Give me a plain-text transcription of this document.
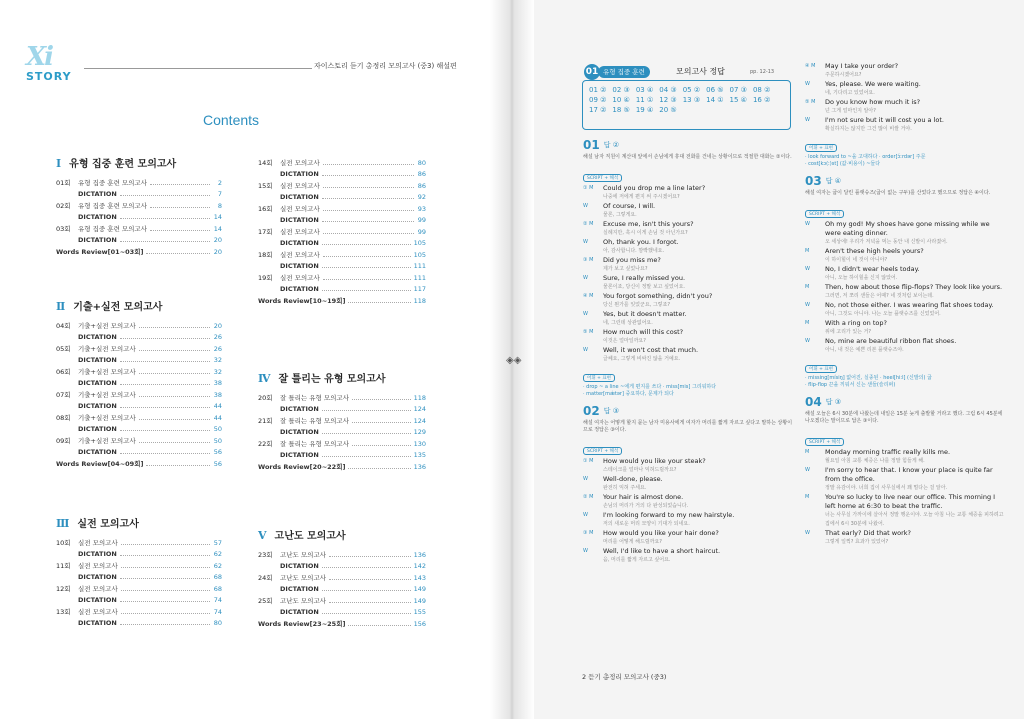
Xi
STORY
자이스토리 듣기 총정리 모의고사 (중3) 해설편
Contents
Ⅰ 유형 집중 훈련 모의고사
01회	유형 집중 훈련 모의고사	2
DICTATION	7
02회	유형 집중 훈련 모의고사	8
DICTATION	14
03회	유형 집중 훈련 모의고사	14
DICTATION	20
Words Review[01~03회]	20
Ⅱ 기출+실전 모의고사
04회	기출+실전 모의고사	20
DICTATION	26
05회	기출+실전 모의고사	26
DICTATION	32
06회	기출+실전 모의고사	32
DICTATION	38
07회	기출+실전 모의고사	38
DICTATION	44
08회	기출+실전 모의고사	44
DICTATION	50
09회	기출+실전 모의고사	50
DICTATION	56
Words Review[04~09회]	56
Ⅲ 실전 모의고사
10회	실전 모의고사	57
DICTATION	62
11회	실전 모의고사	62
DICTATION	68
12회	실전 모의고사	68
DICTATION	74
13회	실전 모의고사	74
DICTATION	80
14회	실전 모의고사	80
DICTATION	86
15회	실전 모의고사	86
DICTATION	92
16회	실전 모의고사	93
DICTATION	99
17회	실전 모의고사	99
DICTATION	105
18회	실전 모의고사	105
DICTATION	111
19회	실전 모의고사	111
DICTATION	117
Words Review[10~19회]	118
Ⅳ 잘 틀리는 유형 모의고사
20회	잘 틀리는 유형 모의고사	118
DICTATION	124
21회	잘 틀리는 유형 모의고사	124
DICTATION	129
22회	잘 틀리는 유형 모의고사	130
DICTATION	135
Words Review[20~22회]	136
Ⅴ 고난도 모의고사
23회	고난도 모의고사	136
DICTATION	142
24회	고난도 모의고사	143
DICTATION	149
25회	고난도 모의고사	149
DICTATION	155
Words Review[23~25회]	156
◈◈
01 유형 집중 훈련	모의고사 정답	pp. 12-13
01 ② 02 ③ 03 ④ 04 ③ 05 ② 06 ⑤ 07 ③ 08 ②
09 ② 10 ④ 11 ① 12 ③ 13 ③ 14 ① 15 ④ 16 ②
17 ② 18 ⑤ 19 ④ 20 ⑤
01 답 ②
해설 남자 직원이 계산대 앞에서 손님에게 휴대 전화를 건네는 상황이므로 적절한 대화는 ②이다.
SCRIPT + 해석
① M	Could you drop me a line later?
나중에 저에게 편지 써 주시겠어요?
W	Of course, I will.
물론, 그렇게요.
② M	Excuse me, isn't this yours?
실례지만, 혹시 이게 손님 것 아닌가요?
W	Oh, thank you. I forgot.
아, 감사합니다. 깜빡했네요.
③ M	Did you miss me?
제가 보고 싶었나요?
W	Sure, I really missed you.
물론이죠, 당신이 정말 보고 싶었어요.
④ M	You forgot something, didn't you?
당신 뭔가를 잊었군요, 그렇죠?
W	Yes, but it doesn't matter.
네, 그런데 상관없어요.
⑤ M	How much will this cost?
이것은 얼마일까요?
W	Well, it won't cost that much.
글쎄요, 그렇게 비싸진 않을 거예요.
어휘 + 표현
· drop ~ a line ~에게 편지를 쓰다 · miss[mis] 그리워하다
· matter[mǽtər] 중요하다, 문제가 되다
02 답 ③
해설 여자는 어떻게 할지 묻는 남자 미용사에게 여자가 머리를 짧게 자르고 싶다고 말하는 상황이므로 정답은 ③이다.
SCRIPT + 해석
① M	How would you like your steak?
스테이크를 얼마나 익혀드릴까요?
W	Well-done, please.
완전히 익혀 주세요.
② M	Your hair is almost done.
손님의 머리가 거의 다 완성되었습니다.
W	I'm looking forward to my new hairstyle.
저의 새로운 머리 모양이 기대가 되네요.
③ M	How would you like your hair done?
머리를 어떻게 해드릴까요?
W	Well, I'd like to have a short haircut.
음, 머리를 짧게 자르고 싶어요.
④ M	May I take your order?
주문하시겠어요?
W	Yes, please. We were waiting.
네, 기다리고 있었어요.
⑤ M	Do you know how much it is?
넌 그게 얼마인지 알아?
W	I'm not sure but it will cost you a lot.
확실하지는 않지만 그건 많이 비쌀 거야.
어휘 + 표현
· look forward to ~을 고대하다 · order[ɔ́ːrdər] 주문
· cost[kɔ(ː)st] (값·비용이) ~들다
03 답 ④
해설 여자는 굽이 달린 플랫슈즈(굽이 없는 구두)를 산었다고 했으므로 정답은 ④이다.
SCRIPT + 해석
W	Oh my god! My shoes have gone missing while we were eating dinner.
오 세상에! 우리가 저녁을 먹는 동안 내 신발이 사라졌어.
M	Aren't these high heels yours?
이 하이힐이 네 것이 아니야?
W	No, I didn't wear heels today.
아니, 오늘 하이힐을 신지 않았어.
M	Then, how about those flip-flops? They look like yours.
그러면, 저 쪼리 샌들은 어때? 네 것처럼 보이는데.
W	No, not those either. I was wearing flat shoes today.
아니, 그것도 아니야. 나는 오늘 플랫슈즈를 신었었어.
M	With a ring on top?
위에 고리가 있는 거?
W	No, mine are beautiful ribbon flat shoes.
아니, 내 것은 예쁜 리본 플랫슈즈야.
어휘 + 표현
· missing[mísiŋ] 없어진, 실종된 · heel[hiːl] (신발의) 굽
· flip-flop 끈을 끼워서 신는 샌들(슬리퍼)
04 답 ③
해설 오늘은 6시 30분에 나왔는데 내일은 15분 늦게 출발할 거라고 했다. 그럼 6시 45분에 나오겠다는 말이므로 답은 ③이다.
SCRIPT + 해석
M	Monday morning traffic really kills me.
월요일 아침 교통 체증은 나를 정말 힘들게 해.
W	I'm sorry to hear that. I know your place is quite far from the office.
정말 유감이야. 너희 집이 사무실에서 꽤 멀다는 걸 알아.
M	You're so lucky to live near our office. This morning I left home at 6:30 to beat the traffic.
너는 사무실 가까이에 살아서 정말 행운이야. 오늘 아침 나는 교통 체증을 피하려고 집에서 6시 30분에 나왔어.
W	That early? Did that work?
그렇게 일찍? 효과가 있었어?
2 듣기 총정리 모의고사 (중3)
